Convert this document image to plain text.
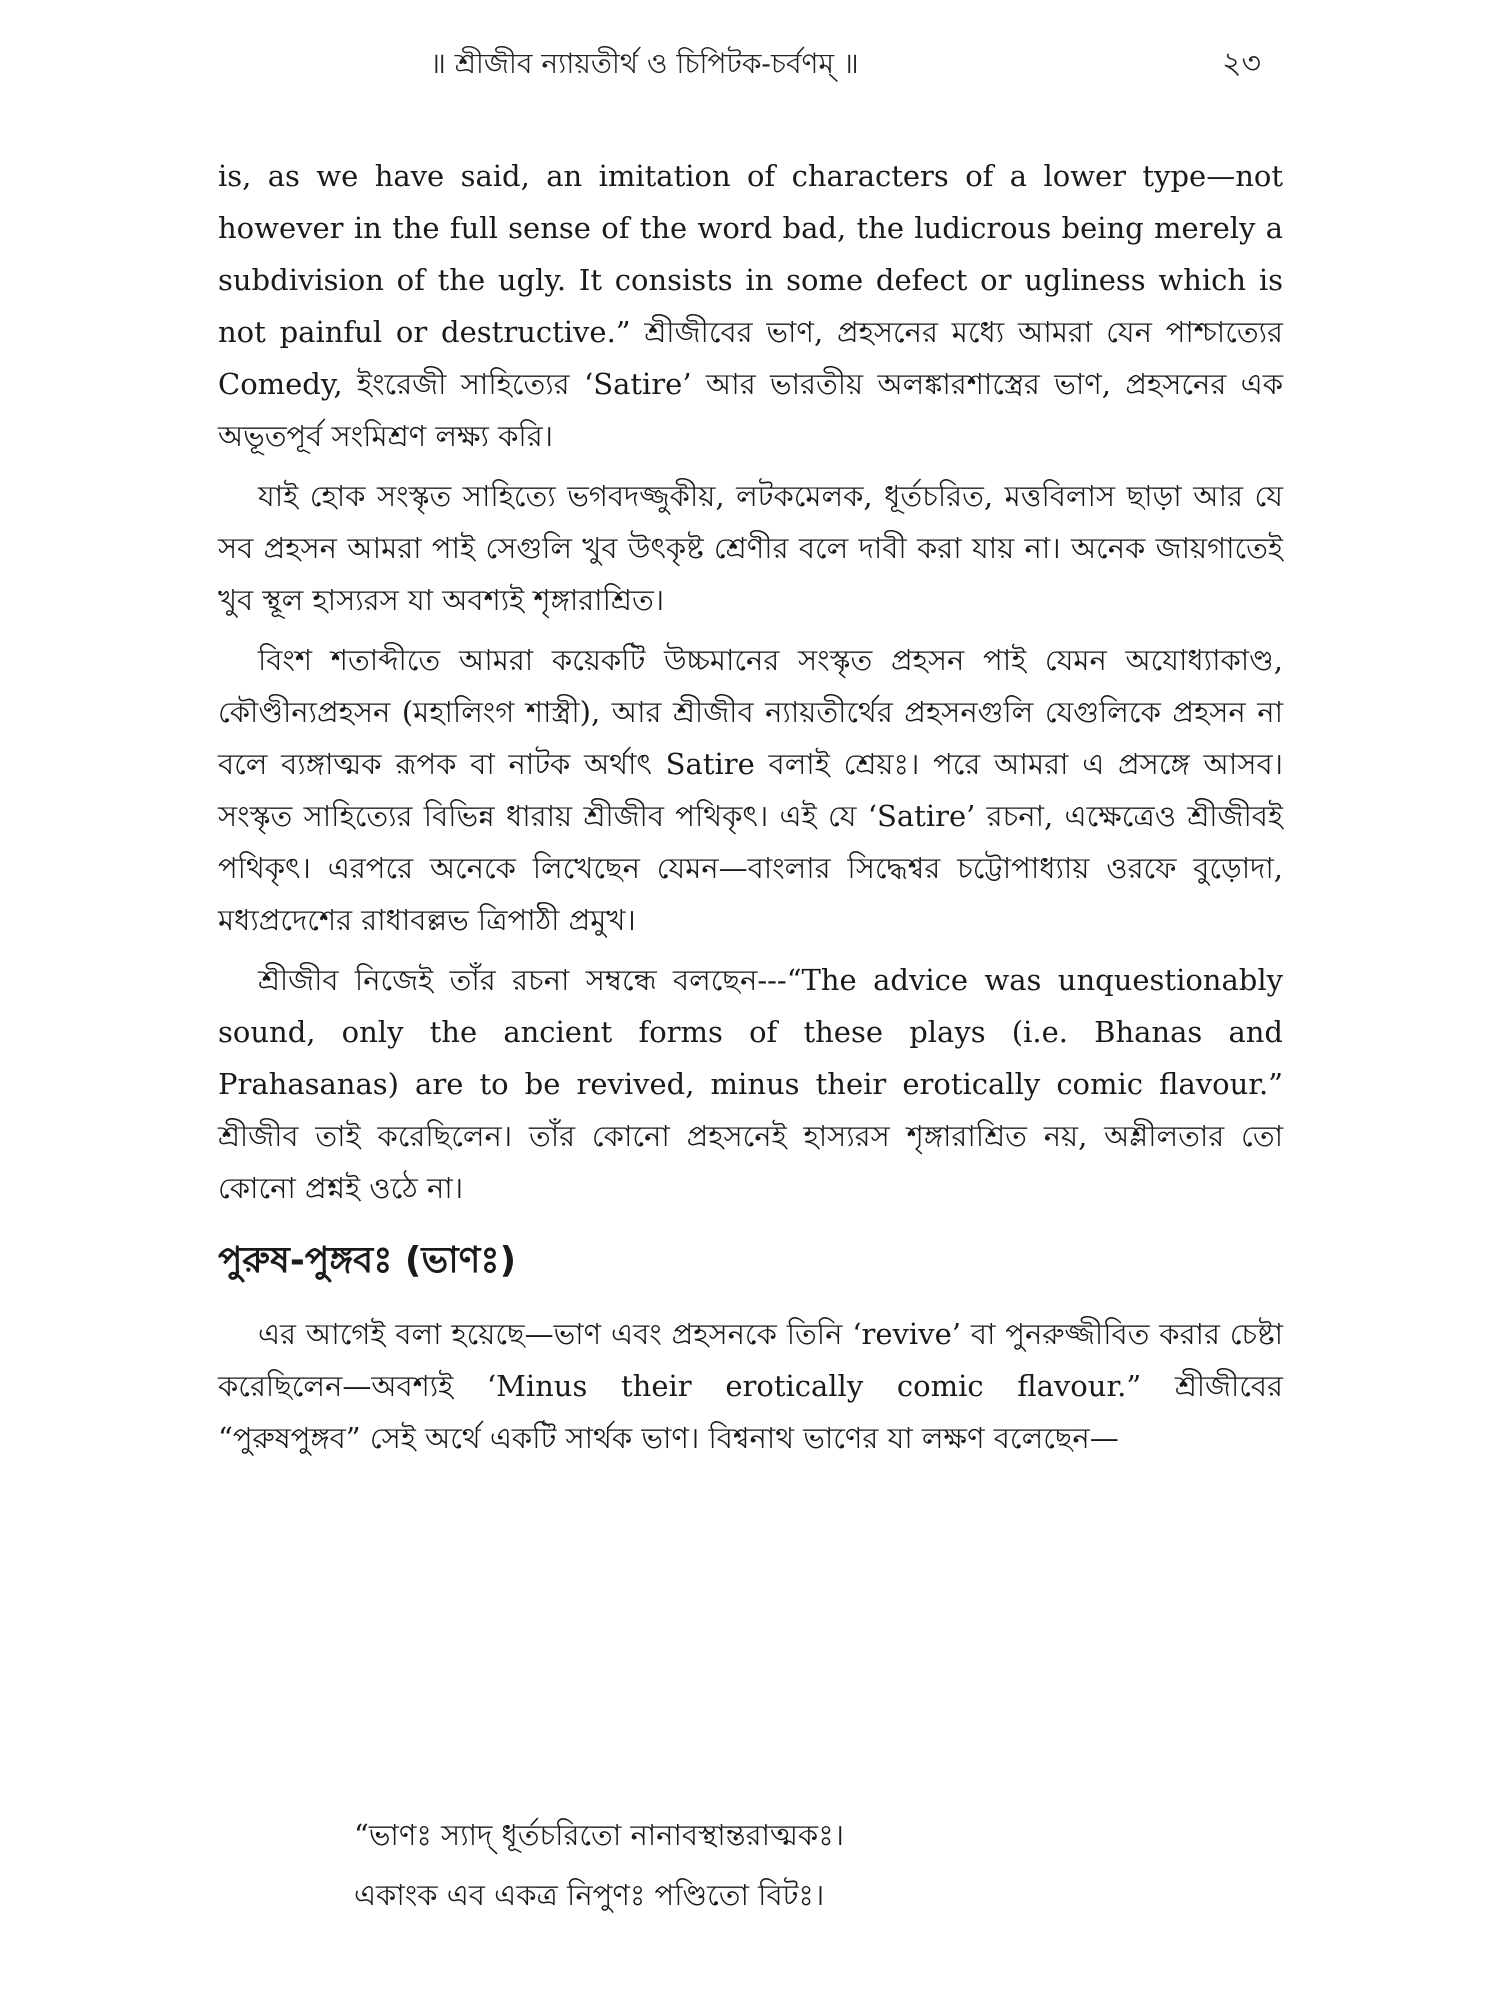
॥ শ্রীজীব ন্যায়তীর্থ ও চিপিটক-চর্বণম্ ॥	২৩

is, as we have said, an imitation of characters of a lower type—not however in the full sense of the word bad, the ludicrous being merely a subdivision of the ugly. It consists in some defect or ugliness which is not painful or destructive.” শ্রীজীবের ভাণ, প্রহসনের মধ্যে আমরা যেন পাশ্চাত্যের Comedy, ইংরেজী সাহিত্যের ‘Satire’ আর ভারতীয় অলঙ্কারশাস্ত্রের ভাণ, প্রহসনের এক অভূতপূর্ব সংমিশ্রণ লক্ষ্য করি।

যাই হোক সংস্কৃত সাহিত্যে ভগবদজ্জুকীয়, লটকমেলক, ধূর্তচরিত, মত্তবিলাস ছাড়া আর যে সব প্রহসন আমরা পাই সেগুলি খুব উৎকৃষ্ট শ্রেণীর বলে দাবী করা যায় না। অনেক জায়গাতেই খুব স্থূল হাস্যরস যা অবশ্যই শৃঙ্গারাশ্রিত।

বিংশ শতাব্দীতে আমরা কয়েকটি উচ্চমানের সংস্কৃত প্রহসন পাই যেমন অযোধ্যাকাণ্ড, কৌণ্ডীন্যপ্রহসন (মহালিংগ শাস্ত্রী), আর শ্রীজীব ন্যায়তীর্থের প্রহসনগুলি যেগুলিকে প্রহসন না বলে ব্যঙ্গাত্মক রূপক বা নাটক অর্থাৎ Satire বলাই শ্রেয়ঃ। পরে আমরা এ প্রসঙ্গে আসব। সংস্কৃত সাহিত্যের বিভিন্ন ধারায় শ্রীজীব পথিকৃৎ। এই যে ‘Satire’ রচনা, এক্ষেত্রেও শ্রীজীবই পথিকৃৎ। এরপরে অনেকে লিখেছেন যেমন—বাংলার সিদ্ধেশ্বর চট্টোপাধ্যায় ওরফে বুড়োদা, মধ্যপ্রদেশের রাধাবল্লভ ত্রিপাঠী প্রমুখ।

শ্রীজীব নিজেই তাঁর রচনা সম্বন্ধে বলছেন---“The advice was unquestionably sound, only the ancient forms of these plays (i.e. Bhanas and Prahasanas) are to be revived, minus their erotically comic flavour.” শ্রীজীব তাই করেছিলেন। তাঁর কোনো প্রহসনেই হাস্যরস শৃঙ্গারাশ্রিত নয়, অশ্লীলতার তো কোনো প্রশ্নই ওঠে না।

পুরুষ-পুঙ্গবঃ (ভাণঃ)

এর আগেই বলা হয়েছে—ভাণ এবং প্রহসনকে তিনি ‘revive’ বা পুনরুজ্জীবিত করার চেষ্টা করেছিলেন—অবশ্যই ‘Minus their erotically comic flavour.” শ্রীজীবের “পুরুষপুঙ্গব” সেই অর্থে একটি সার্থক ভাণ। বিশ্বনাথ ভাণের যা লক্ষণ বলেছেন—

“ভাণঃ স্যাদ্ ধূর্তচরিতো নানাবস্থান্তরাত্মকঃ।
একাংক এব একত্র নিপুণঃ পণ্ডিতো বিটঃ।
